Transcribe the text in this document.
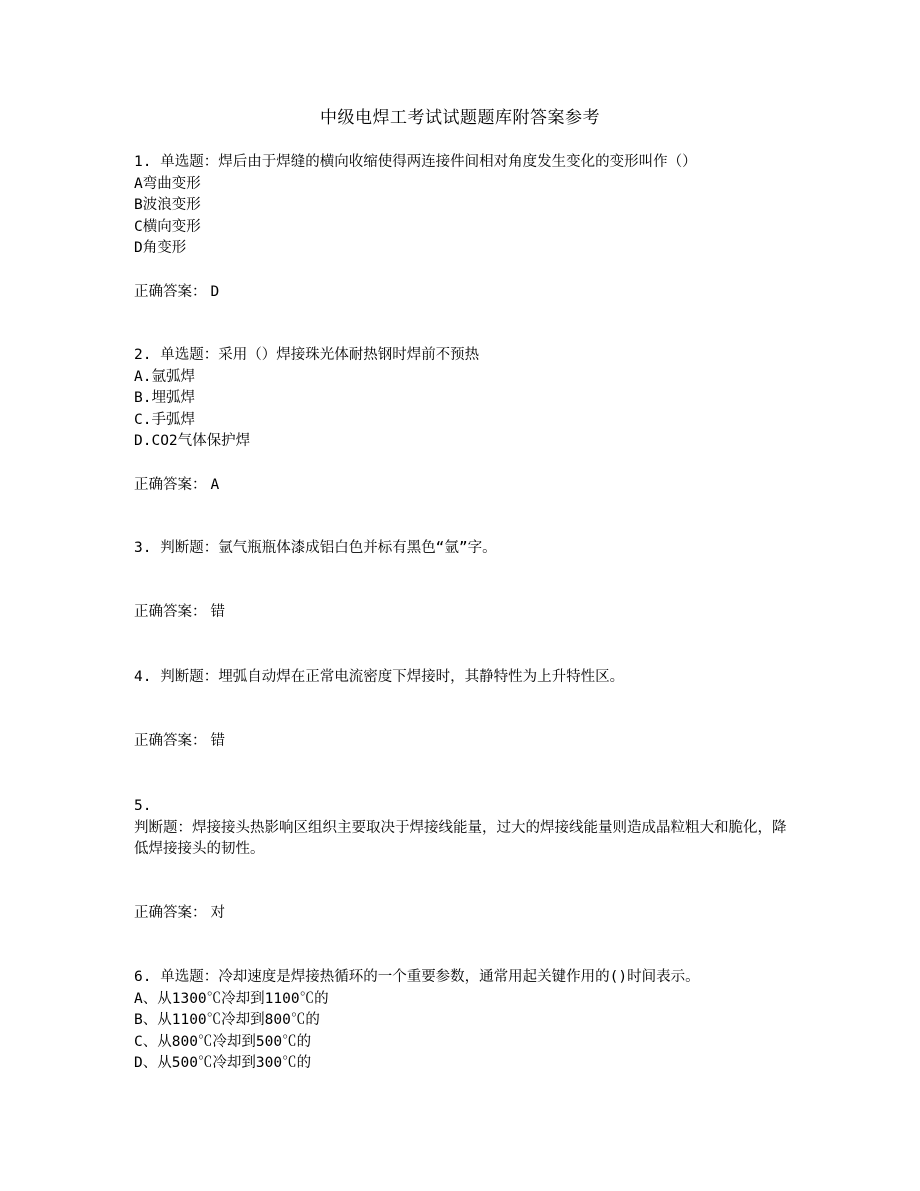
中级电焊工考试试题题库附答案参考
1. 单选题：焊后由于焊缝的横向收缩使得两连接件间相对角度发生变化的变形叫作（）
A弯曲变形
B波浪变形
C横向变形
D角变形
正确答案： D
2. 单选题：采用（）焊接珠光体耐热钢时焊前不预热
A.氩弧焊
B.埋弧焊
C.手弧焊
D.CO2气体保护焊
正确答案： A
3. 判断题：氩气瓶瓶体漆成铝白色并标有黑色“氩”字。
正确答案： 错
4. 判断题：埋弧自动焊在正常电流密度下焊接时，其静特性为上升特性区。
正确答案： 错
5.
判断题：焊接接头热影响区组织主要取决于焊接线能量，过大的焊接线能量则造成晶粒粗大和脆化，降低焊接接头的韧性。
正确答案： 对
6. 单选题：冷却速度是焊接热循环的一个重要参数，通常用起关键作用的()时间表示。
A、从1300℃冷却到1100℃的
B、从1100℃冷却到800℃的
C、从800℃冷却到500℃的
D、从500℃冷却到300℃的
